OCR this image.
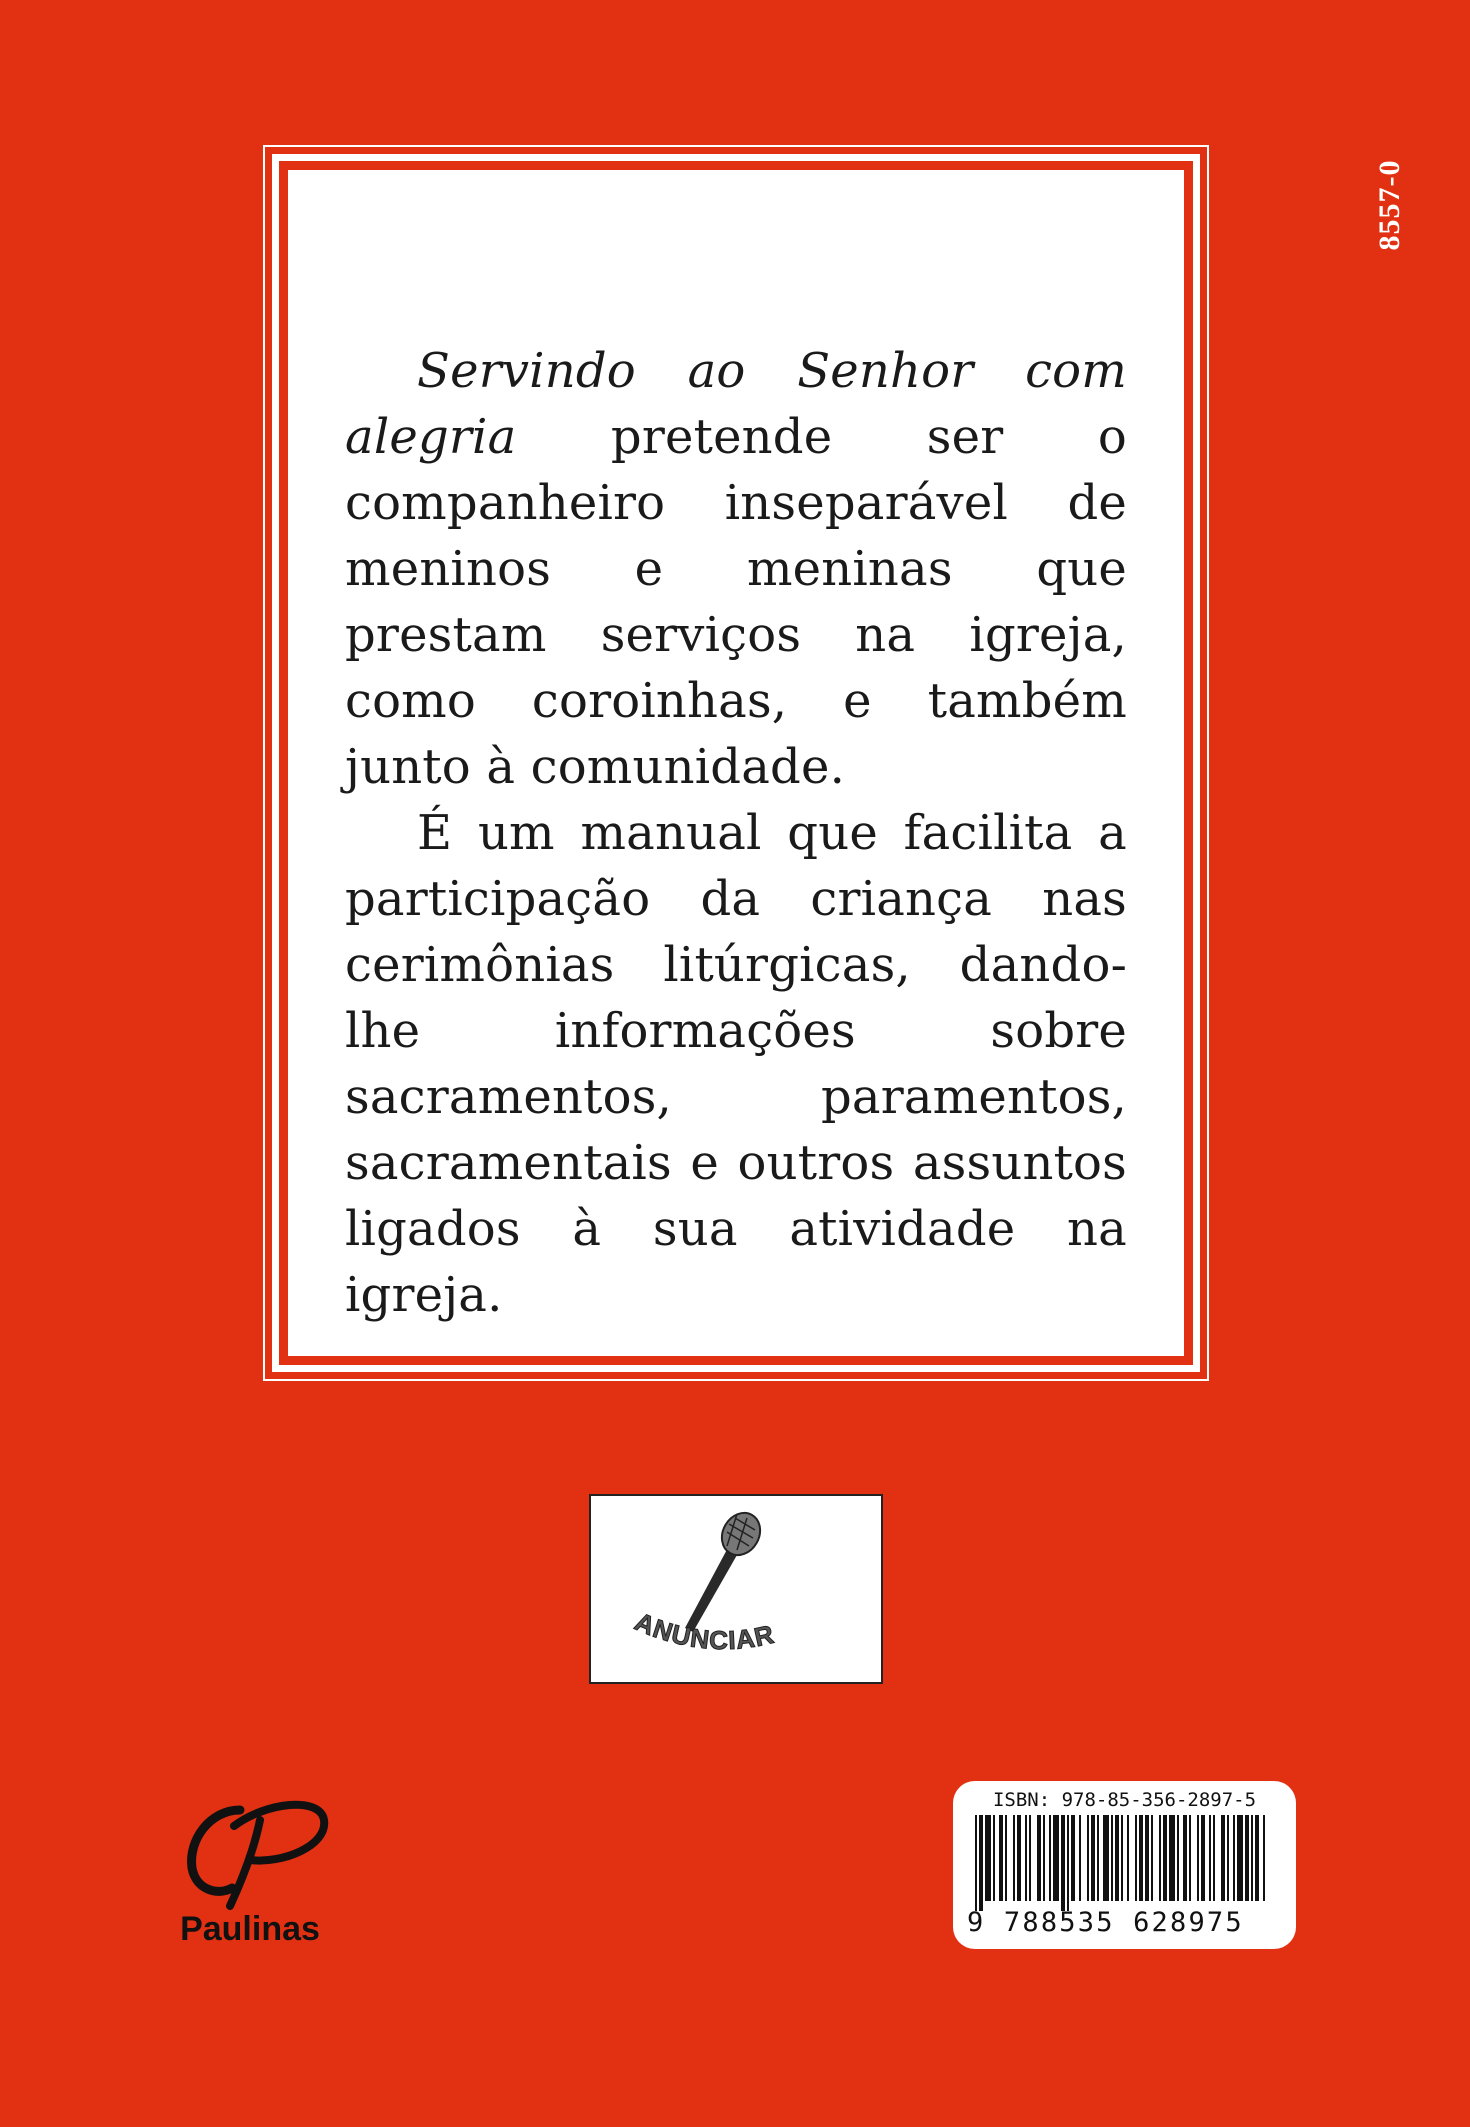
8557-0

Servindo ao Senhor com alegria pretende ser o companheiro inseparável de meninos e meninas que prestam serviços na igreja, como coroinhas, e também junto à comunidade.

É um manual que facilita a participação da criança nas cerimônias litúrgicas, dando-lhe informações sobre sacramentos, paramentos, sacramentais e outros assuntos ligados à sua atividade na igreja.

ANUNCIAR
Paulinas
ISBN: 978-85-356-2897-5
9 788535 628975
